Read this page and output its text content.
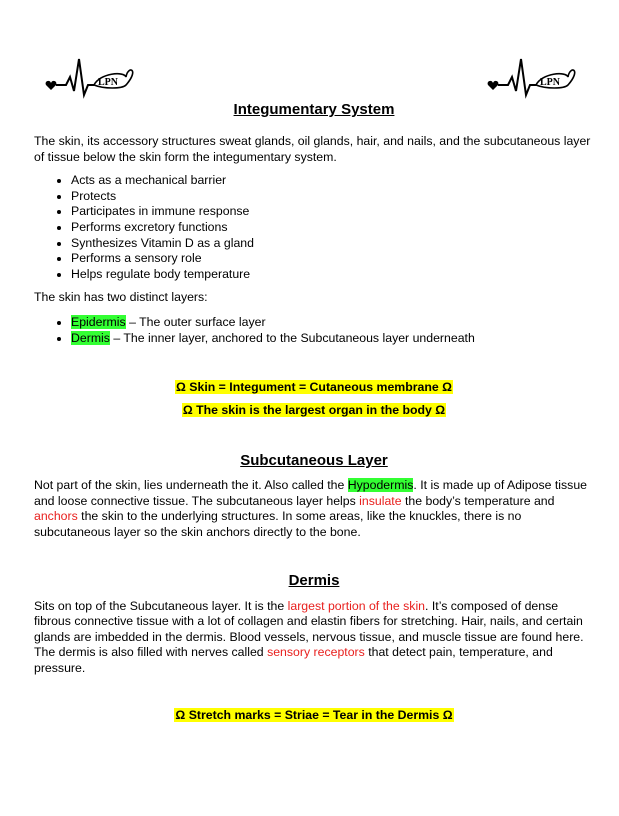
LPN	LPN
Integumentary System

The skin, its accessory structures sweat glands, oil glands, hair, and nails, and the subcutaneous layer of tissue below the skin form the integumentary system.

• Acts as a mechanical barrier
• Protects
• Participates in immune response
• Performs excretory functions
• Synthesizes Vitamin D as a gland
• Performs a sensory role
• Helps regulate body temperature

The skin has two distinct layers:

• Epidermis – The outer surface layer
• Dermis – The inner layer, anchored to the Subcutaneous layer underneath

Ω Skin = Integument = Cutaneous membrane Ω

Ω The skin is the largest organ in the body Ω

Subcutaneous Layer

Not part of the skin, lies underneath the it. Also called the Hypodermis. It is made up of Adipose tissue and loose connective tissue. The subcutaneous layer helps insulate the body’s temperature and anchors the skin to the underlying structures. In some areas, like the knuckles, there is no subcutaneous layer so the skin anchors directly to the bone.

Dermis

Sits on top of the Subcutaneous layer. It is the largest portion of the skin. It’s composed of dense fibrous connective tissue with a lot of collagen and elastin fibers for stretching. Hair, nails, and certain glands are imbedded in the dermis. Blood vessels, nervous tissue, and muscle tissue are found here. The dermis is also filled with nerves called sensory receptors that detect pain, temperature, and pressure.

Ω Stretch marks = Striae = Tear in the Dermis Ω
